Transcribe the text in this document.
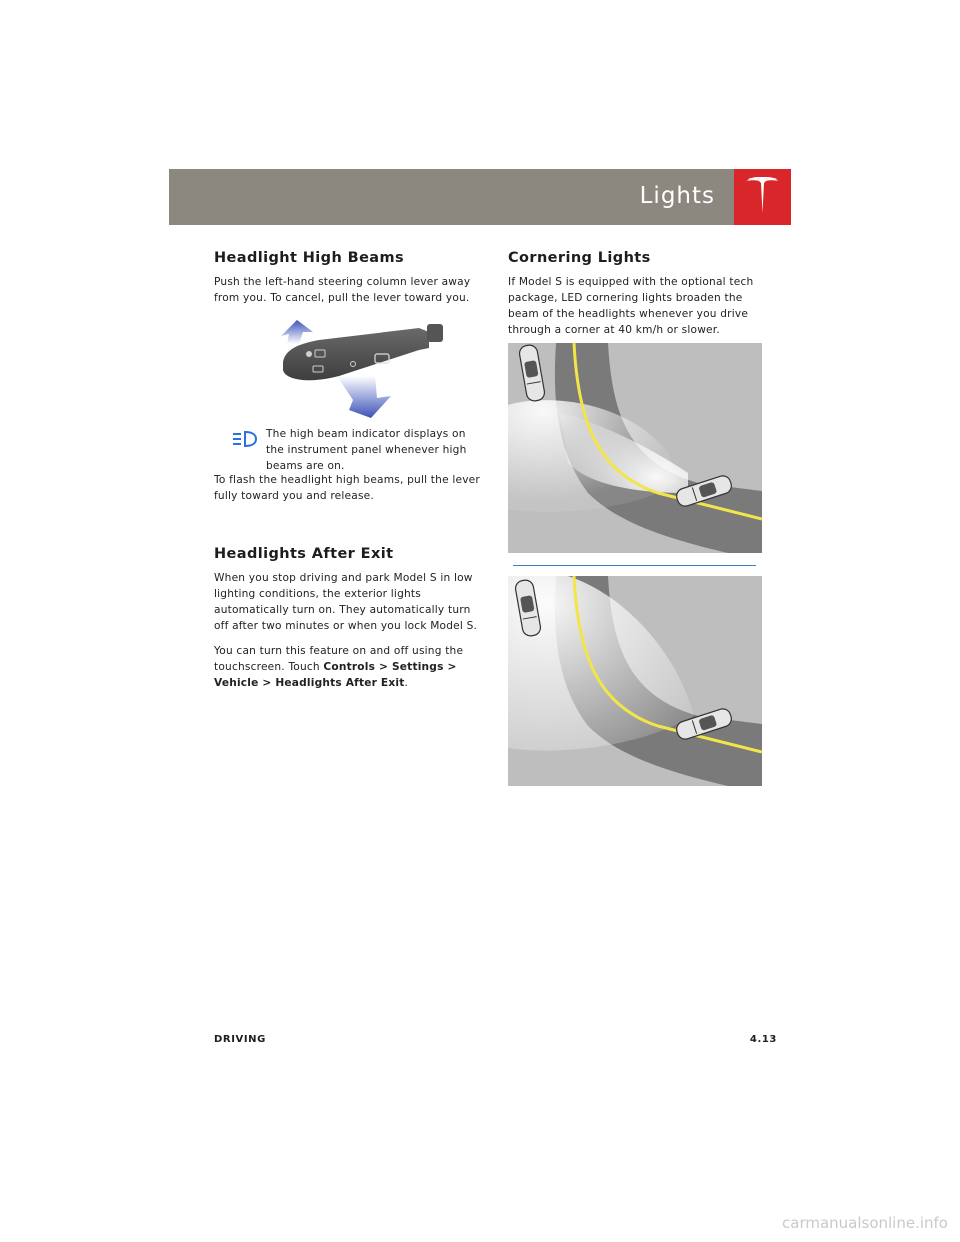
Lights
Headlight High Beams

Push the left-hand steering column lever away from you. To cancel, pull the lever toward you.

The high beam indicator displays on the instrument panel whenever high beams are on.

To flash the headlight high beams, pull the lever fully toward you and release.

Headlights After Exit

When you stop driving and park Model S in low lighting conditions, the exterior lights automatically turn on. They automatically turn off after two minutes or when you lock Model S.

You can turn this feature on and off using the touchscreen. Touch Controls > Settings > Vehicle > Headlights After Exit.

Cornering Lights

If Model S is equipped with the optional tech package, LED cornering lights broaden the beam of the headlights whenever you drive through a corner at 40 km/h or slower.

DRIVING	4.13
carmanualsonline.info
